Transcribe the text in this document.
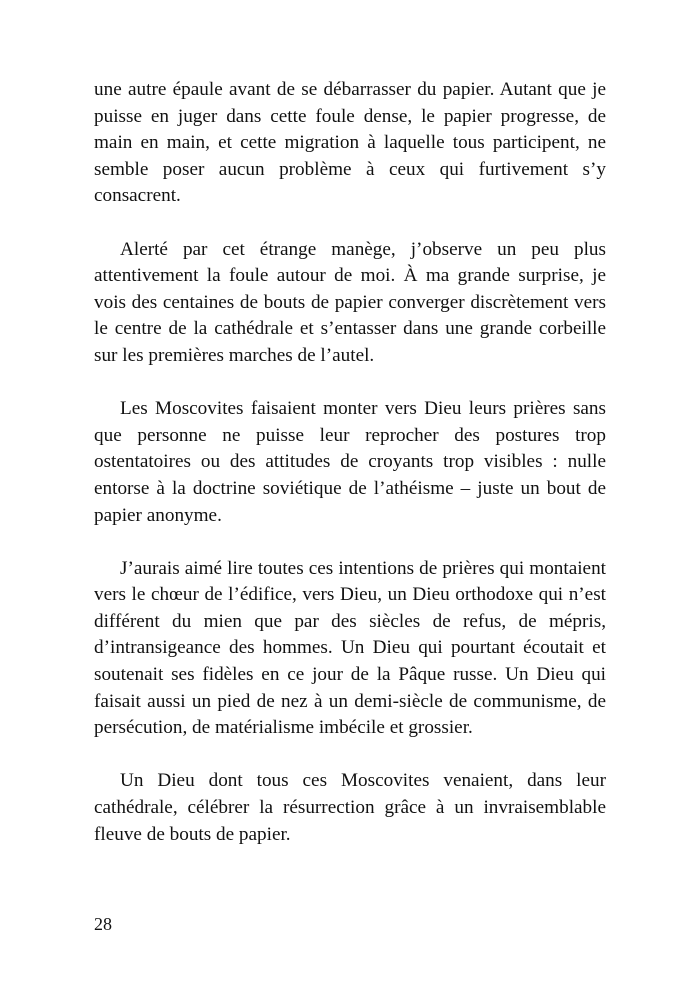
une autre épaule avant de se débarrasser du papier. Autant que je puisse en juger dans cette foule dense, le papier progresse, de main en main, et cette migration à laquelle tous participent, ne semble poser aucun problème à ceux qui furtivement s’y consacrent.

Alerté par cet étrange manège, j’observe un peu plus attentivement la foule autour de moi. À ma grande surprise, je vois des centaines de bouts de papier converger discrètement vers le centre de la cathédrale et s’entasser dans une grande corbeille sur les premières marches de l’autel.

Les Moscovites faisaient monter vers Dieu leurs prières sans que personne ne puisse leur reprocher des postures trop ostentatoires ou des attitudes de croyants trop visibles : nulle entorse à la doctrine soviétique de l’athéisme – juste un bout de papier anonyme.

J’aurais aimé lire toutes ces intentions de prières qui montaient vers le chœur de l’édifice, vers Dieu, un Dieu orthodoxe qui n’est différent du mien que par des siècles de refus, de mépris, d’intransigeance des hommes. Un Dieu qui pourtant écoutait et soutenait ses fidèles en ce jour de la Pâque russe. Un Dieu qui faisait aussi un pied de nez à un demi-siècle de communisme, de persécution, de matérialisme imbécile et grossier.

Un Dieu dont tous ces Moscovites venaient, dans leur cathédrale, célébrer la résurrection grâce à un invraisemblable fleuve de bouts de papier.

28
